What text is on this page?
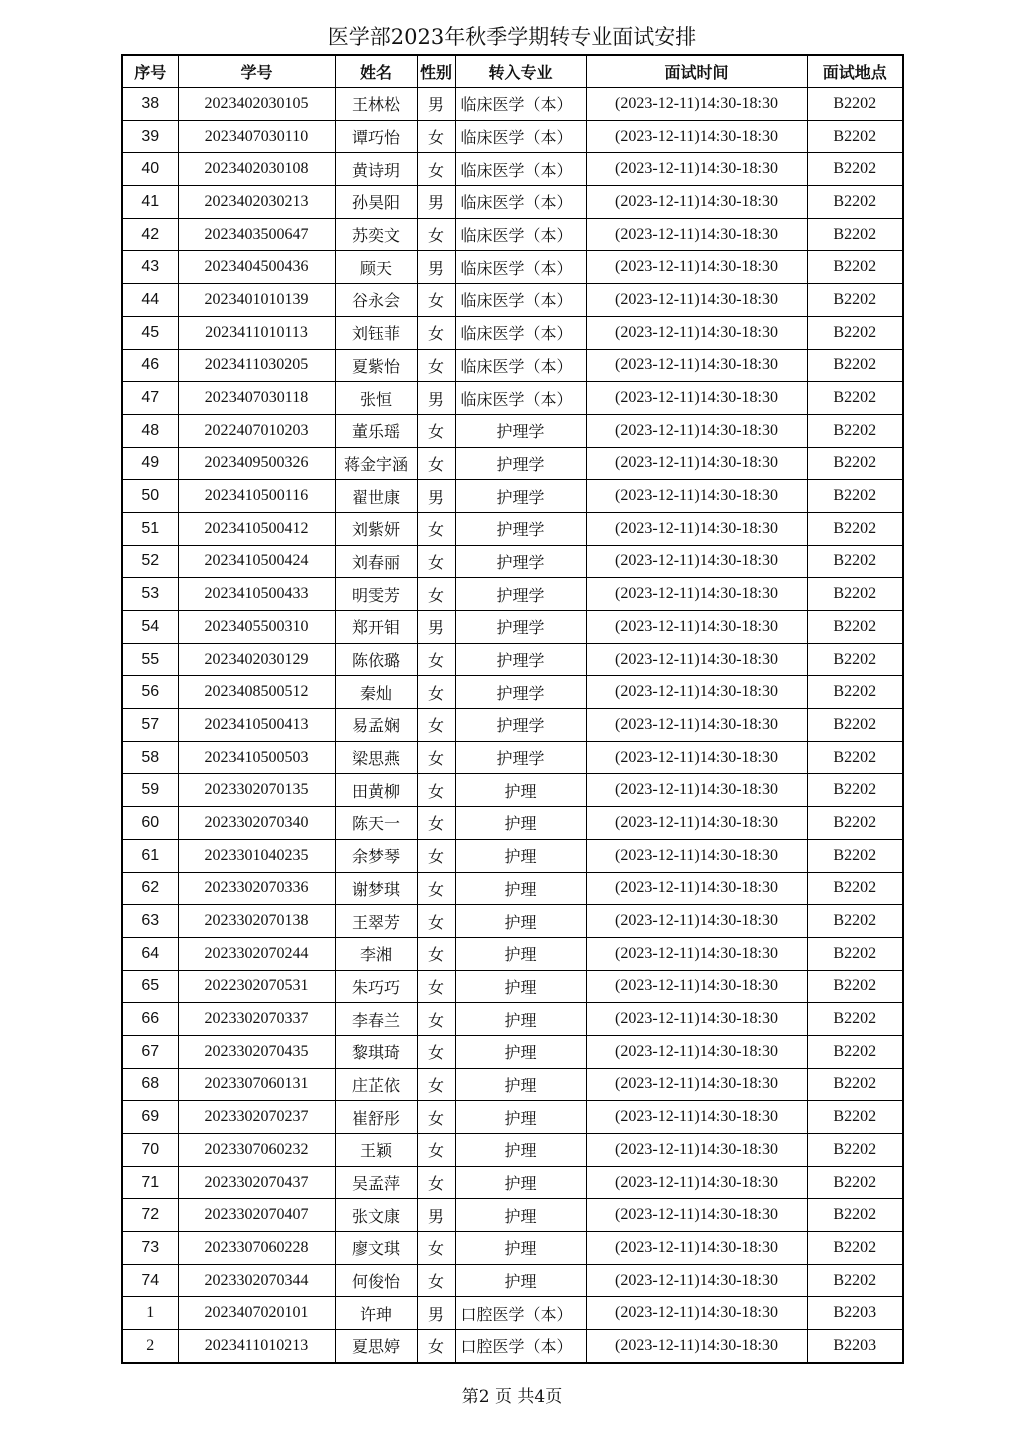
医学部2023年秋季学期转专业面试安排
序号	学号	姓名	性别	转入专业	面试时间	面试地点
38	2023402030105	王林松	男	临床医学（本）	(2023-12-11)14:30-18:30	B2202
39	2023407030110	谭巧怡	女	临床医学（本）	(2023-12-11)14:30-18:30	B2202
40	2023402030108	黄诗玥	女	临床医学（本）	(2023-12-11)14:30-18:30	B2202
41	2023402030213	孙昊阳	男	临床医学（本）	(2023-12-11)14:30-18:30	B2202
42	2023403500647	苏奕文	女	临床医学（本）	(2023-12-11)14:30-18:30	B2202
43	2023404500436	顾天	男	临床医学（本）	(2023-12-11)14:30-18:30	B2202
44	2023401010139	谷永会	女	临床医学（本）	(2023-12-11)14:30-18:30	B2202
45	2023411010113	刘钰菲	女	临床医学（本）	(2023-12-11)14:30-18:30	B2202
46	2023411030205	夏紫怡	女	临床医学（本）	(2023-12-11)14:30-18:30	B2202
47	2023407030118	张恒	男	临床医学（本）	(2023-12-11)14:30-18:30	B2202
48	2022407010203	董乐瑶	女	护理学	(2023-12-11)14:30-18:30	B2202
49	2023409500326	蒋金宇涵	女	护理学	(2023-12-11)14:30-18:30	B2202
50	2023410500116	翟世康	男	护理学	(2023-12-11)14:30-18:30	B2202
51	2023410500412	刘紫妍	女	护理学	(2023-12-11)14:30-18:30	B2202
52	2023410500424	刘春丽	女	护理学	(2023-12-11)14:30-18:30	B2202
53	2023410500433	明雯芳	女	护理学	(2023-12-11)14:30-18:30	B2202
54	2023405500310	郑开钼	男	护理学	(2023-12-11)14:30-18:30	B2202
55	2023402030129	陈依璐	女	护理学	(2023-12-11)14:30-18:30	B2202
56	2023408500512	秦灿	女	护理学	(2023-12-11)14:30-18:30	B2202
57	2023410500413	易孟娴	女	护理学	(2023-12-11)14:30-18:30	B2202
58	2023410500503	梁思燕	女	护理学	(2023-12-11)14:30-18:30	B2202
59	2023302070135	田黄柳	女	护理	(2023-12-11)14:30-18:30	B2202
60	2023302070340	陈天一	女	护理	(2023-12-11)14:30-18:30	B2202
61	2023301040235	余梦琴	女	护理	(2023-12-11)14:30-18:30	B2202
62	2023302070336	谢梦琪	女	护理	(2023-12-11)14:30-18:30	B2202
63	2023302070138	王翠芳	女	护理	(2023-12-11)14:30-18:30	B2202
64	2023302070244	李湘	女	护理	(2023-12-11)14:30-18:30	B2202
65	2022302070531	朱巧巧	女	护理	(2023-12-11)14:30-18:30	B2202
66	2023302070337	李春兰	女	护理	(2023-12-11)14:30-18:30	B2202
67	2023302070435	黎琪琦	女	护理	(2023-12-11)14:30-18:30	B2202
68	2023307060131	庄芷依	女	护理	(2023-12-11)14:30-18:30	B2202
69	2023302070237	崔舒彤	女	护理	(2023-12-11)14:30-18:30	B2202
70	2023307060232	王颖	女	护理	(2023-12-11)14:30-18:30	B2202
71	2023302070437	吴孟萍	女	护理	(2023-12-11)14:30-18:30	B2202
72	2023302070407	张文康	男	护理	(2023-12-11)14:30-18:30	B2202
73	2023307060228	廖文琪	女	护理	(2023-12-11)14:30-18:30	B2202
74	2023302070344	何俊怡	女	护理	(2023-12-11)14:30-18:30	B2202
1	2023407020101	许珅	男	口腔医学（本）	(2023-12-11)14:30-18:30	B2203
2	2023411010213	夏思婷	女	口腔医学（本）	(2023-12-11)14:30-18:30	B2203
第2 页 共4页
